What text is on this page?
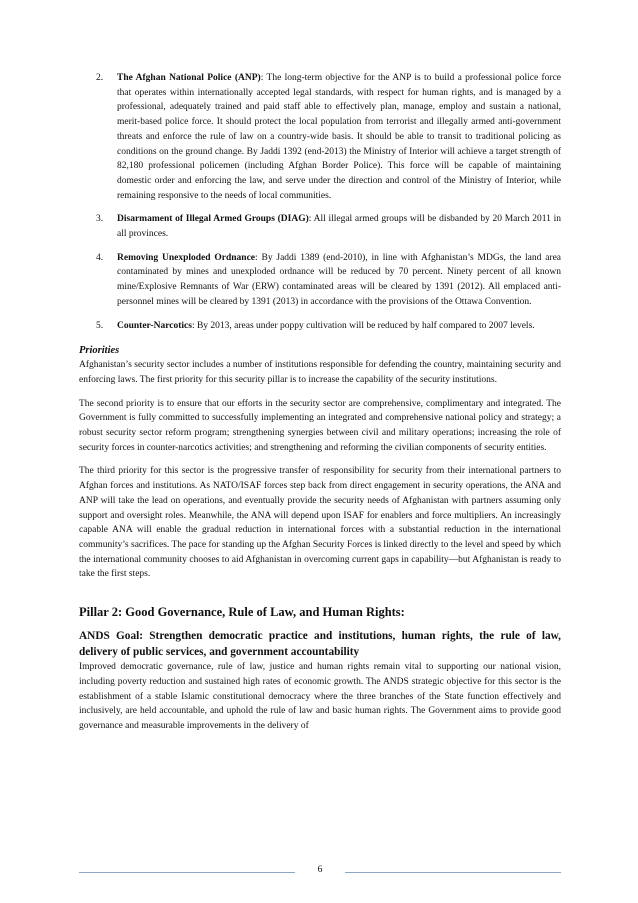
2. The Afghan National Police (ANP): The long-term objective for the ANP is to build a professional police force that operates within internationally accepted legal standards, with respect for human rights, and is managed by a professional, adequately trained and paid staff able to effectively plan, manage, employ and sustain a national, merit-based police force. It should protect the local population from terrorist and illegally armed anti-government threats and enforce the rule of law on a country-wide basis. It should be able to transit to traditional policing as conditions on the ground change. By Jaddi 1392 (end-2013) the Ministry of Interior will achieve a target strength of 82,180 professional policemen (including Afghan Border Police). This force will be capable of maintaining domestic order and enforcing the law, and serve under the direction and control of the Ministry of Interior, while remaining responsive to the needs of local communities.
3. Disarmament of Illegal Armed Groups (DIAG): All illegal armed groups will be disbanded by 20 March 2011 in all provinces.
4. Removing Unexploded Ordnance: By Jaddi 1389 (end-2010), in line with Afghanistan’s MDGs, the land area contaminated by mines and unexploded ordnance will be reduced by 70 percent. Ninety percent of all known mine/Explosive Remnants of War (ERW) contaminated areas will be cleared by 1391 (2012). All emplaced anti-personnel mines will be cleared by 1391 (2013) in accordance with the provisions of the Ottawa Convention.
5. Counter-Narcotics: By 2013, areas under poppy cultivation will be reduced by half compared to 2007 levels.
Priorities

Afghanistan’s security sector includes a number of institutions responsible for defending the country, maintaining security and enforcing laws. The first priority for this security pillar is to increase the capability of the security institutions.

The second priority is to ensure that our efforts in the security sector are comprehensive, complimentary and integrated. The Government is fully committed to successfully implementing an integrated and comprehensive national policy and strategy; a robust security sector reform program; strengthening synergies between civil and military operations; increasing the role of security forces in counter-narcotics activities; and strengthening and reforming the civilian components of security entities.

The third priority for this sector is the progressive transfer of responsibility for security from their international partners to Afghan forces and institutions. As NATO/ISAF forces step back from direct engagement in security operations, the ANA and ANP will take the lead on operations, and eventually provide the security needs of Afghanistan with partners assuming only support and oversight roles. Meanwhile, the ANA will depend upon ISAF for enablers and force multipliers. An increasingly capable ANA will enable the gradual reduction in international forces with a substantial reduction in the international community’s sacrifices. The pace for standing up the Afghan Security Forces is linked directly to the level and speed by which the international community chooses to aid Afghanistan in overcoming current gaps in capability—but Afghanistan is ready to take the first steps.

Pillar 2: Good Governance, Rule of Law, and Human Rights:
ANDS Goal: Strengthen democratic practice and institutions, human rights, the rule of law, delivery of public services, and government accountability

Improved democratic governance, rule of law, justice and human rights remain vital to supporting our national vision, including poverty reduction and sustained high rates of economic growth. The ANDS strategic objective for this sector is the establishment of a stable Islamic constitutional democracy where the three branches of the State function effectively and inclusively, are held accountable, and uphold the rule of law and basic human rights. The Government aims to provide good governance and measurable improvements in the delivery of

6
